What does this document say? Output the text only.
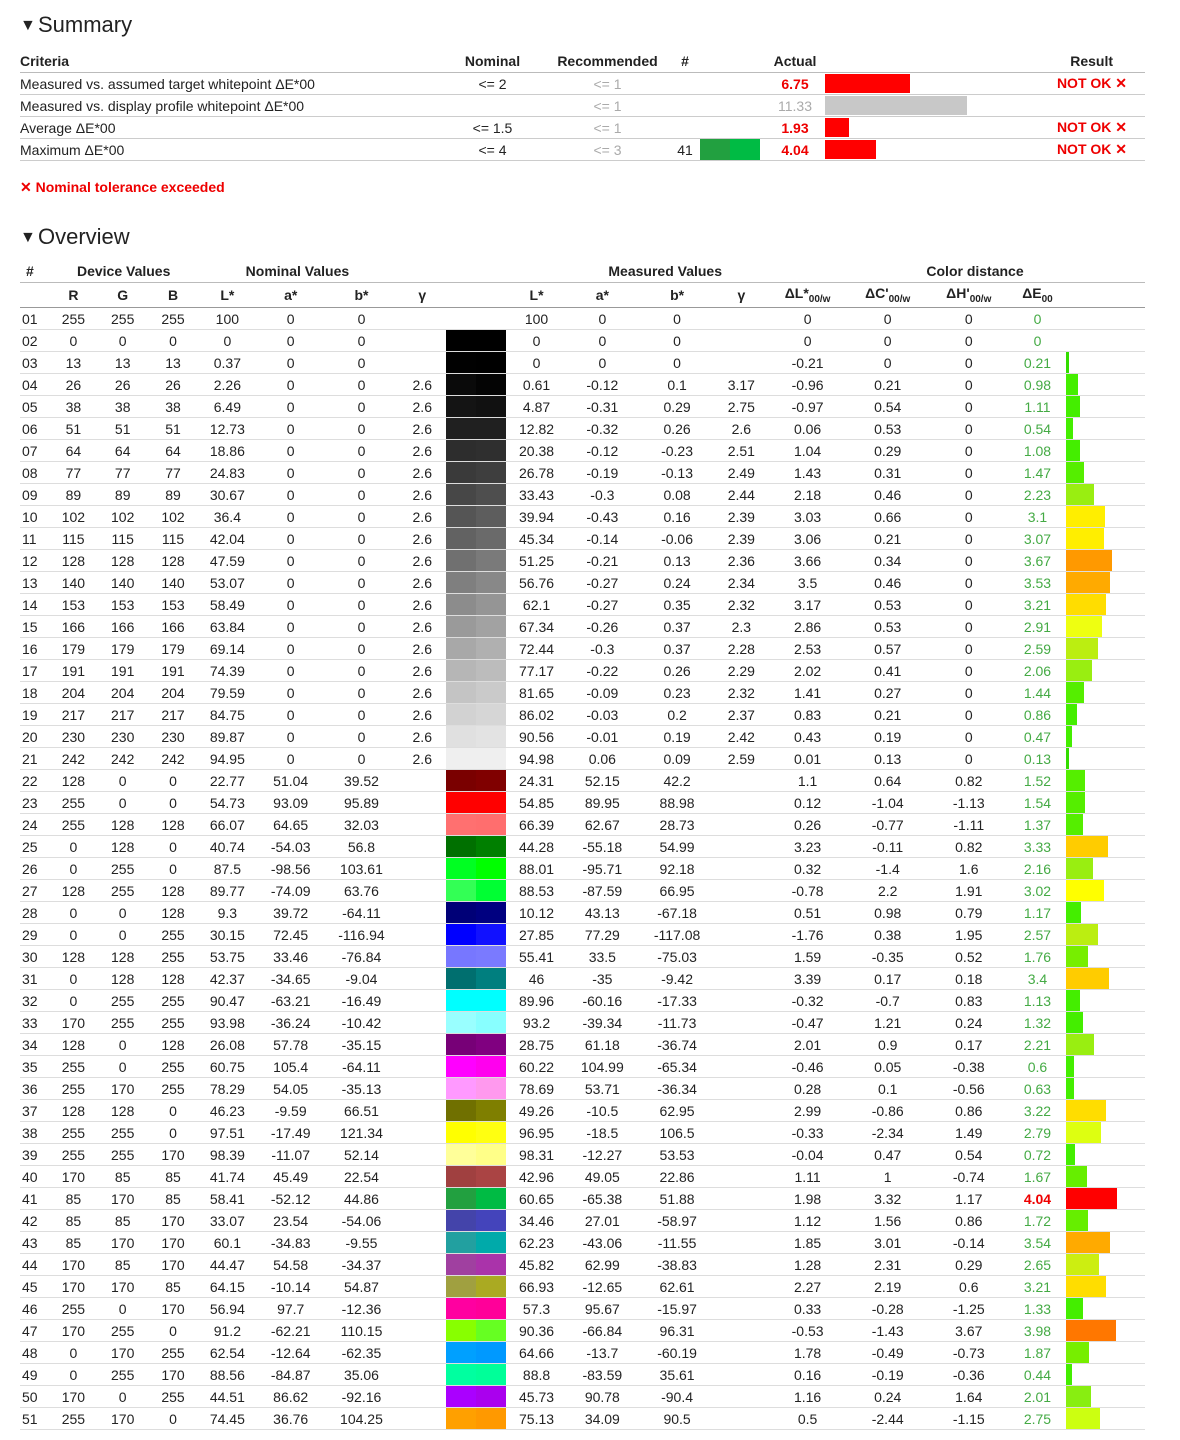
▼Summary
Criteria	Nominal	Recommended	#		Actual		Result
Measured vs. assumed target whitepoint ΔE*00	<= 2	<= 1			6.75		NOT OK ✕
Measured vs. display profile whitepoint ΔE*00		<= 1			11.33		
Average ΔE*00	<= 1.5	<= 1			1.93		NOT OK ✕
Maximum ΔE*00	<= 4	<= 3	41		4.04		NOT OK ✕
✕ Nominal tolerance exceeded
▼Overview
#	Device Values			Nominal Values					Measured Values				Color distance				
	R	G	B	L*	a*	b*	γ		L*	a*	b*	γ	$\Delta L*_{00/w}$	$\Delta C'_{00/w}$	$\Delta H'_{00/w}$	$\Delta E_{00}$	
01	255	255	255	100	0	0			100	0	0		0	0	0	0	
02	0	0	0	0	0	0			0	0	0		0	0	0	0	
03	13	13	13	0.37	0	0			0	0	0		-0.21	0	0	0.21	

04	26	26	26	2.26	0	0	2.6		0.61	-0.12	0.1	3.17	-0.96	0.21	0	0.98	

05	38	38	38	6.49	0	0	2.6		4.87	-0.31	0.29	2.75	-0.97	0.54	0	1.11	

06	51	51	51	12.73	0	0	2.6		12.82	-0.32	0.26	2.6	0.06	0.53	0	0.54	

07	64	64	64	18.86	0	0	2.6		20.38	-0.12	-0.23	2.51	1.04	0.29	0	1.08	

08	77	77	77	24.83	0	0	2.6		26.78	-0.19	-0.13	2.49	1.43	0.31	0	1.47	

09	89	89	89	30.67	0	0	2.6		33.43	-0.3	0.08	2.44	2.18	0.46	0	2.23	

10	102	102	102	36.4	0	0	2.6		39.94	-0.43	0.16	2.39	3.03	0.66	0	3.1	

11	115	115	115	42.04	0	0	2.6		45.34	-0.14	-0.06	2.39	3.06	0.21	0	3.07	

12	128	128	128	47.59	0	0	2.6		51.25	-0.21	0.13	2.36	3.66	0.34	0	3.67	

13	140	140	140	53.07	0	0	2.6		56.76	-0.27	0.24	2.34	3.5	0.46	0	3.53	

14	153	153	153	58.49	0	0	2.6		62.1	-0.27	0.35	2.32	3.17	0.53	0	3.21	

15	166	166	166	63.84	0	0	2.6		67.34	-0.26	0.37	2.3	2.86	0.53	0	2.91	

16	179	179	179	69.14	0	0	2.6		72.44	-0.3	0.37	2.28	2.53	0.57	0	2.59	

17	191	191	191	74.39	0	0	2.6		77.17	-0.22	0.26	2.29	2.02	0.41	0	2.06	

18	204	204	204	79.59	0	0	2.6		81.65	-0.09	0.23	2.32	1.41	0.27	0	1.44	

19	217	217	217	84.75	0	0	2.6		86.02	-0.03	0.2	2.37	0.83	0.21	0	0.86	

20	230	230	230	89.87	0	0	2.6		90.56	-0.01	0.19	2.42	0.43	0.19	0	0.47	

21	242	242	242	94.95	0	0	2.6		94.98	0.06	0.09	2.59	0.01	0.13	0	0.13	

22	128	0	0	22.77	51.04	39.52			24.31	52.15	42.2		1.1	0.64	0.82	1.52	

23	255	0	0	54.73	93.09	95.89			54.85	89.95	88.98		0.12	-1.04	-1.13	1.54	

24	255	128	128	66.07	64.65	32.03			66.39	62.67	28.73		0.26	-0.77	-1.11	1.37	

25	0	128	0	40.74	-54.03	56.8			44.28	-55.18	54.99		3.23	-0.11	0.82	3.33	

26	0	255	0	87.5	-98.56	103.61			88.01	-95.71	92.18		0.32	-1.4	1.6	2.16	

27	128	255	128	89.77	-74.09	63.76			88.53	-87.59	66.95		-0.78	2.2	1.91	3.02	

28	0	0	128	9.3	39.72	-64.11			10.12	43.13	-67.18		0.51	0.98	0.79	1.17	

29	0	0	255	30.15	72.45	-116.94			27.85	77.29	-117.08		-1.76	0.38	1.95	2.57	

30	128	128	255	53.75	33.46	-76.84			55.41	33.5	-75.03		1.59	-0.35	0.52	1.76	

31	0	128	128	42.37	-34.65	-9.04			46	-35	-9.42		3.39	0.17	0.18	3.4	

32	0	255	255	90.47	-63.21	-16.49			89.96	-60.16	-17.33		-0.32	-0.7	0.83	1.13	

33	170	255	255	93.98	-36.24	-10.42			93.2	-39.34	-11.73		-0.47	1.21	0.24	1.32	

34	128	0	128	26.08	57.78	-35.15			28.75	61.18	-36.74		2.01	0.9	0.17	2.21	

35	255	0	255	60.75	105.4	-64.11			60.22	104.99	-65.34		-0.46	0.05	-0.38	0.6	

36	255	170	255	78.29	54.05	-35.13			78.69	53.71	-36.34		0.28	0.1	-0.56	0.63	

37	128	128	0	46.23	-9.59	66.51			49.26	-10.5	62.95		2.99	-0.86	0.86	3.22	

38	255	255	0	97.51	-17.49	121.34			96.95	-18.5	106.5		-0.33	-2.34	1.49	2.79	

39	255	255	170	98.39	-11.07	52.14			98.31	-12.27	53.53		-0.04	0.47	0.54	0.72	

40	170	85	85	41.74	45.49	22.54			42.96	49.05	22.86		1.11	1	-0.74	1.67	

41	85	170	85	58.41	-52.12	44.86			60.65	-65.38	51.88		1.98	3.32	1.17	4.04	

42	85	85	170	33.07	23.54	-54.06			34.46	27.01	-58.97		1.12	1.56	0.86	1.72	

43	85	170	170	60.1	-34.83	-9.55			62.23	-43.06	-11.55		1.85	3.01	-0.14	3.54	

44	170	85	170	44.47	54.58	-34.37			45.82	62.99	-38.83		1.28	2.31	0.29	2.65	

45	170	170	85	64.15	-10.14	54.87			66.93	-12.65	62.61		2.27	2.19	0.6	3.21	

46	255	0	170	56.94	97.7	-12.36			57.3	95.67	-15.97		0.33	-0.28	-1.25	1.33	

47	170	255	0	91.2	-62.21	110.15			90.36	-66.84	96.31		-0.53	-1.43	3.67	3.98	

48	0	170	255	62.54	-12.64	-62.35			64.66	-13.7	-60.19		1.78	-0.49	-0.73	1.87	

49	0	255	170	88.56	-84.87	35.06			88.8	-83.59	35.61		0.16	-0.19	-0.36	0.44	

50	170	0	255	44.51	86.62	-92.16			45.73	90.78	-90.4		1.16	0.24	1.64	2.01	

51	255	170	0	74.45	36.76	104.25			75.13	34.09	90.5		0.5	-2.44	-1.15	2.75	
